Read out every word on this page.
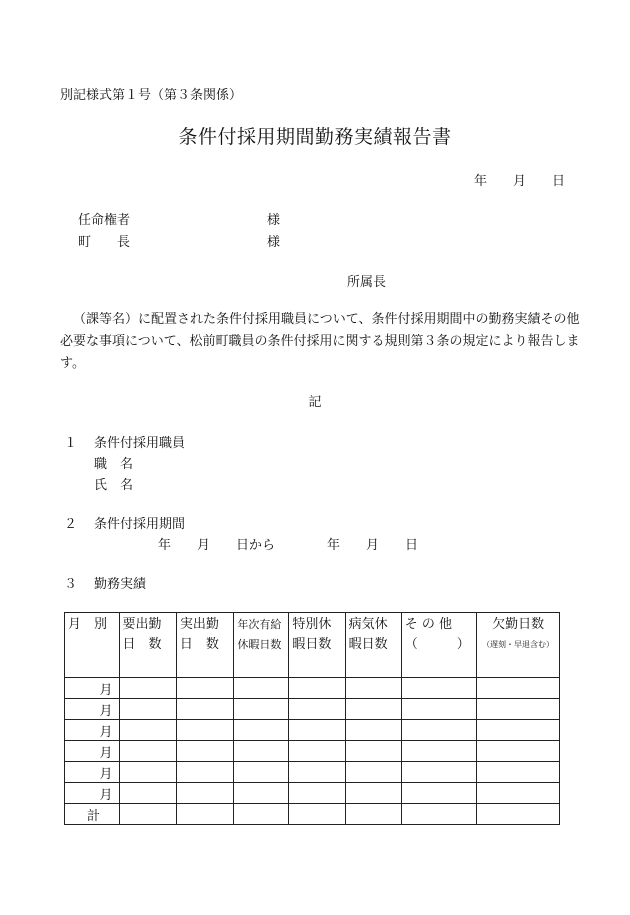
別記様式第１号（第３条関係）
条件付採用期間勤務実績報告書
年　　月　　日
任命権者	様
町　　長	様
所属長
（課等名）に配置された条件付採用職員について、条件付採用期間中の勤務実績その他必要な事項について、松前町職員の条件付採用に関する規則第３条の規定により報告します。
記
１ 条件付採用職員
職　名
氏　名
２ 条件付採用期間
年　　月　　日から　　　　年　　月　　日
３ 勤務実績
月　別	要出勤日　数	実出勤日　数	年次有給休暇日数	特別休暇日数	病気休暇日数	そ の 他（　　　）	欠勤日数
（遅刻・早退含む）

月							
月							
月							
月							
月							
月							
計							
